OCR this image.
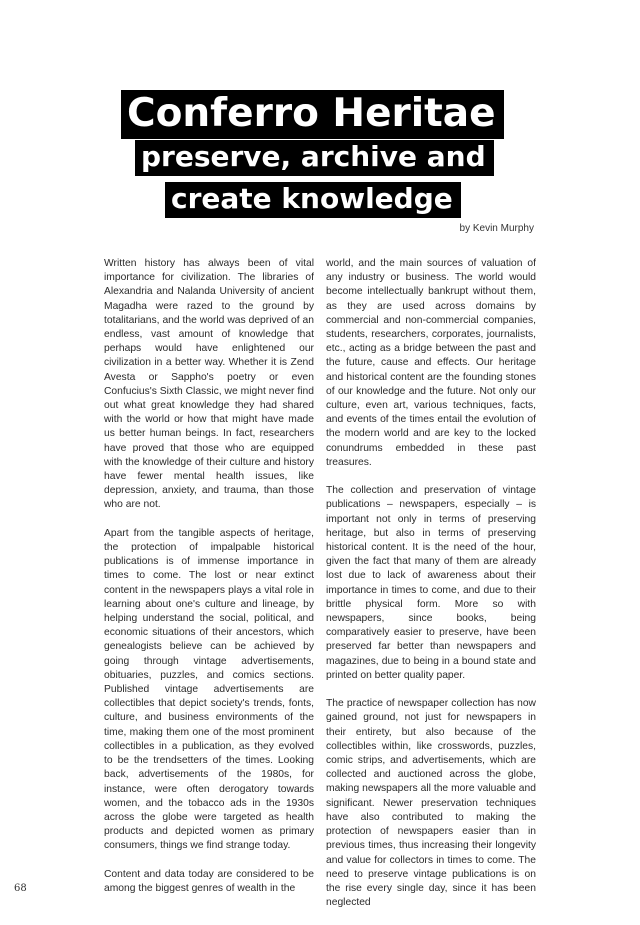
Conferro Heritae
preserve, archive and
create knowledge
by Kevin Murphy

Written history has always been of vital importance for civilization. The libraries of Alexandria and Nalanda University of ancient Magadha were razed to the ground by totalitarians, and the world was deprived of an endless, vast amount of knowledge that perhaps would have enlightened our civilization in a better way. Whether it is Zend Avesta or Sappho's poetry or even Confucius's Sixth Classic, we might never find out what great knowledge they had shared with the world or how that might have made us better human beings. In fact, researchers have proved that those who are equipped with the knowledge of their culture and history have fewer mental health issues, like depression, anxiety, and trauma, than those who are not.

Apart from the tangible aspects of heritage, the protection of impalpable historical publications is of immense importance in times to come. The lost or near extinct content in the newspapers plays a vital role in learning about one's culture and lineage, by helping understand the social, political, and economic situations of their ancestors, which genealogists believe can be achieved by going through vintage advertisements, obituaries, puzzles, and comics sections. Published vintage advertisements are collectibles that depict society's trends, fonts, culture, and business environments of the time, making them one of the most prominent collectibles in a publication, as they evolved to be the trendsetters of the times. Looking back, advertisements of the 1980s, for instance, were often derogatory towards women, and the tobacco ads in the 1930s across the globe were targeted as health products and depicted women as primary consumers, things we find strange today.

Content and data today are considered to be among the biggest genres of wealth in the

world, and the main sources of valuation of any industry or business. The world would become intellectually bankrupt without them, as they are used across domains by commercial and non-commercial companies, students, researchers, corporates, journalists, etc., acting as a bridge between the past and the future, cause and effects. Our heritage and historical content are the founding stones of our knowledge and the future. Not only our culture, even art, various techniques, facts, and events of the times entail the evolution of the modern world and are key to the locked conundrums embedded in these past treasures.

The collection and preservation of vintage publications – newspapers, especially – is important not only in terms of preserving heritage, but also in terms of preserving historical content. It is the need of the hour, given the fact that many of them are already lost due to lack of awareness about their importance in times to come, and due to their brittle physical form. More so with newspapers, since books, being comparatively easier to preserve, have been preserved far better than newspapers and magazines, due to being in a bound state and printed on better quality paper.

The practice of newspaper collection has now gained ground, not just for newspapers in their entirety, but also because of the collectibles within, like crosswords, puzzles, comic strips, and advertisements, which are collected and auctioned across the globe, making newspapers all the more valuable and significant. Newer preservation techniques have also contributed to making the protection of newspapers easier than in previous times, thus increasing their longevity and value for collectors in times to come. The need to preserve vintage publications is on the rise every single day, since it has been neglected

68
